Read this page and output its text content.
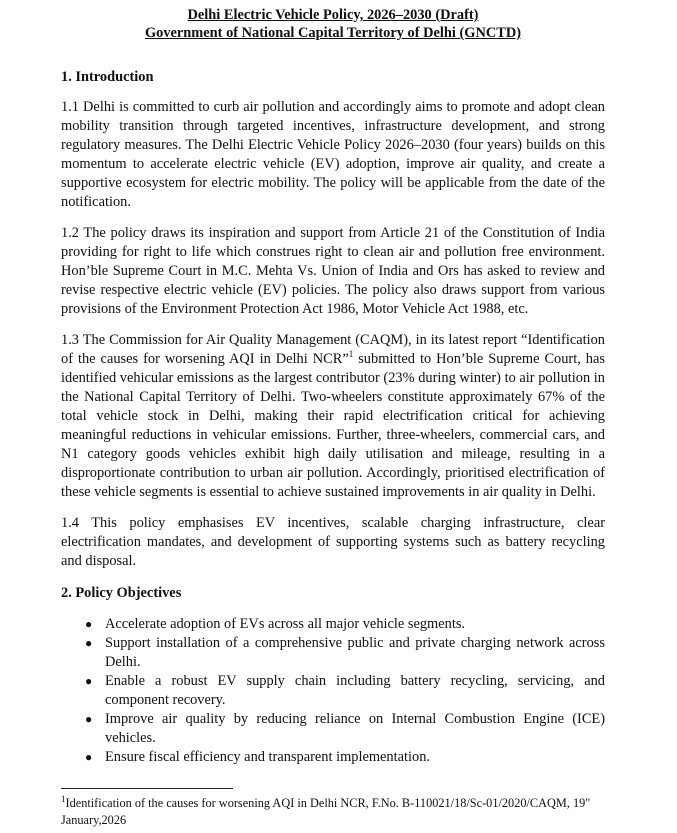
Delhi Electric Vehicle Policy, 2026–2030 (Draft)
Government of National Capital Territory of Delhi (GNCTD)
1. Introduction

1.1 Delhi is committed to curb air pollution and accordingly aims to promote and adopt clean mobility transition through targeted incentives, infrastructure development, and strong regulatory measures. The Delhi Electric Vehicle Policy 2026–2030 (four years) builds on this momentum to accelerate electric vehicle (EV) adoption, improve air quality, and create a supportive ecosystem for electric mobility. The policy will be applicable from the date of the notification.

1.2 The policy draws its inspiration and support from Article 21 of the Constitution of India providing for right to life which construes right to clean air and pollution free environment. Hon’ble Supreme Court in M.C. Mehta Vs. Union of India and Ors has asked to review and revise respective electric vehicle (EV) policies. The policy also draws support from various provisions of the Environment Protection Act 1986, Motor Vehicle Act 1988, etc.

1.3 The Commission for Air Quality Management (CAQM), in its latest report “Identification of the causes for worsening AQI in Delhi NCR”$^1$ submitted to Hon’ble Supreme Court, has identified vehicular emissions as the largest contributor (23% during winter) to air pollution in the National Capital Territory of Delhi. Two-wheelers constitute approximately 67% of the total vehicle stock in Delhi, making their rapid electrification critical for achieving meaningful reductions in vehicular emissions. Further, three-wheelers, commercial cars, and N1 category goods vehicles exhibit high daily utilisation and mileage, resulting in a disproportionate contribution to urban air pollution. Accordingly, prioritised electrification of these vehicle segments is essential to achieve sustained improvements in air quality in Delhi.

1.4 This policy emphasises EV incentives, scalable charging infrastructure, clear electrification mandates, and development of supporting systems such as battery recycling and disposal.

2. Policy Objectives
● Accelerate adoption of EVs across all major vehicle segments.
● Support installation of a comprehensive public and private charging network across Delhi.
● Enable a robust EV supply chain including battery recycling, servicing, and component recovery.
● Improve air quality by reducing reliance on Internal Combustion Engine (ICE) vehicles.
● Ensure fiscal efficiency and transparent implementation.

$^1$Identification of the causes for worsening AQI in Delhi NCR, F.No. B-110021/18/Sc-01/2020/CAQM, 19" January,2026
